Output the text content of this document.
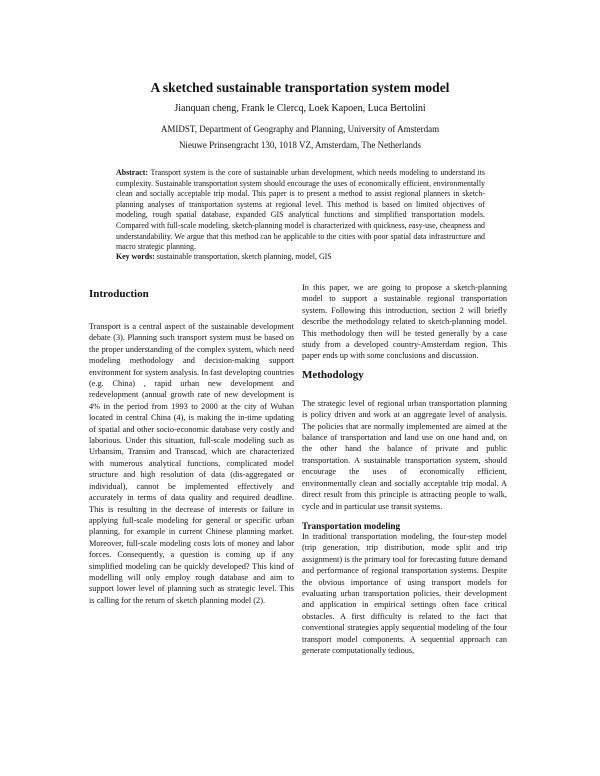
A sketched sustainable transportation system model
Jianquan cheng, Frank le Clercq, Loek Kapoen, Luca Bertolini
AMIDST, Department of Geography and Planning, University of Amsterdam
Nieuwe Prinsengracht 130, 1018 VZ, Amsterdam, The Netherlands
Abstract: Transport system is the core of sustainable urban development, which needs modeling to understand its complexity. Sustainable transportation system should encourage the uses of economically efficient, environmentally clean and socially acceptable trip modal. This paper is to present a method to assist regional planners in sketch-planning analyses of transportation systems at regional level. This method is based on limited objectives of modeling, rough spatial database, expanded GIS analytical functions and simplified transportation models. Compared with full-scale modeling, sketch-planning model is characterized with quickness, easy-use, cheapness and understandability. We argue that this method can be applicable to the cities with poor spatial data infrastructure and macro strategic planning.
Key words: sustainable transportation, sketch planning, model, GIS

Introduction

Transport is a central aspect of the sustainable development debate (3). Planning such transport system must be based on the proper understanding of the complex system, which need modeling methodology and decision-making support environment for system analysis. In fast developing countries (e.g. China) , rapid urban new development and redevelopment (annual growth rate of new development is 4% in the period from 1993 to 2000 at the city of Wuhan located in central China (4), is making the in-time updating of spatial and other socio-economic database very costly and laborious. Under this situation, full-scale modeling such as Urbansim, Transim and Transcad, which are characterized with numerous analytical functions, complicated model structure and high resolution of data (dis-aggregated or individual), cannot be implemented effectively and accurately in terms of data quality and required deadline. This is resulting in the decrease of interests or failure in applying full-scale modeling for general or specific urban planning, for example in current Chinese planning market. Moreover, full-scale modeling costs lots of money and labor forces. Consequently, a question is coming up if any simplified modeling can be quickly developed? This kind of modelling will only employ rough database and aim to support lower level of planning such as strategic level. This is calling for the return of sketch planning model (2).

In this paper, we are going to propose a sketch-planning model to support a sustainable regional transportation system. Following this introduction, section 2 will briefly describe the methodology related to sketch-planning model. This methodology then will be tested generally by a case study from a developed country-Amsterdam region. This paper ends up with some conclusions and discussion.

Methodology

The strategic level of regional urban transportation planning is policy driven and work at an aggregate level of analysis. The policies that are normally implemented are aimed at the balance of transportation and land use on one hand and, on the other hand the balance of private and public transportation. A sustainable transportation system, should encourage the uses of economically efficient, environmentally clean and socially acceptable trip modal. A direct result from this principle is attracting people to walk, cycle and in particular use transit systems.

Transportation modeling

In traditional transportation modeling, the four-step model (trip generation, trip distribution, mode split and trip assignment) is the primary tool for forecasting future demand and performance of regional transportation systems. Despite the obvious importance of using transport models for evaluating urban transportation policies, their development and application in empirical settings often face critical obstacles. A first difficulty is related to the fact that conventional strategies apply sequential modeling of the four transport model components. A sequential approach can generate computationally tedious,
